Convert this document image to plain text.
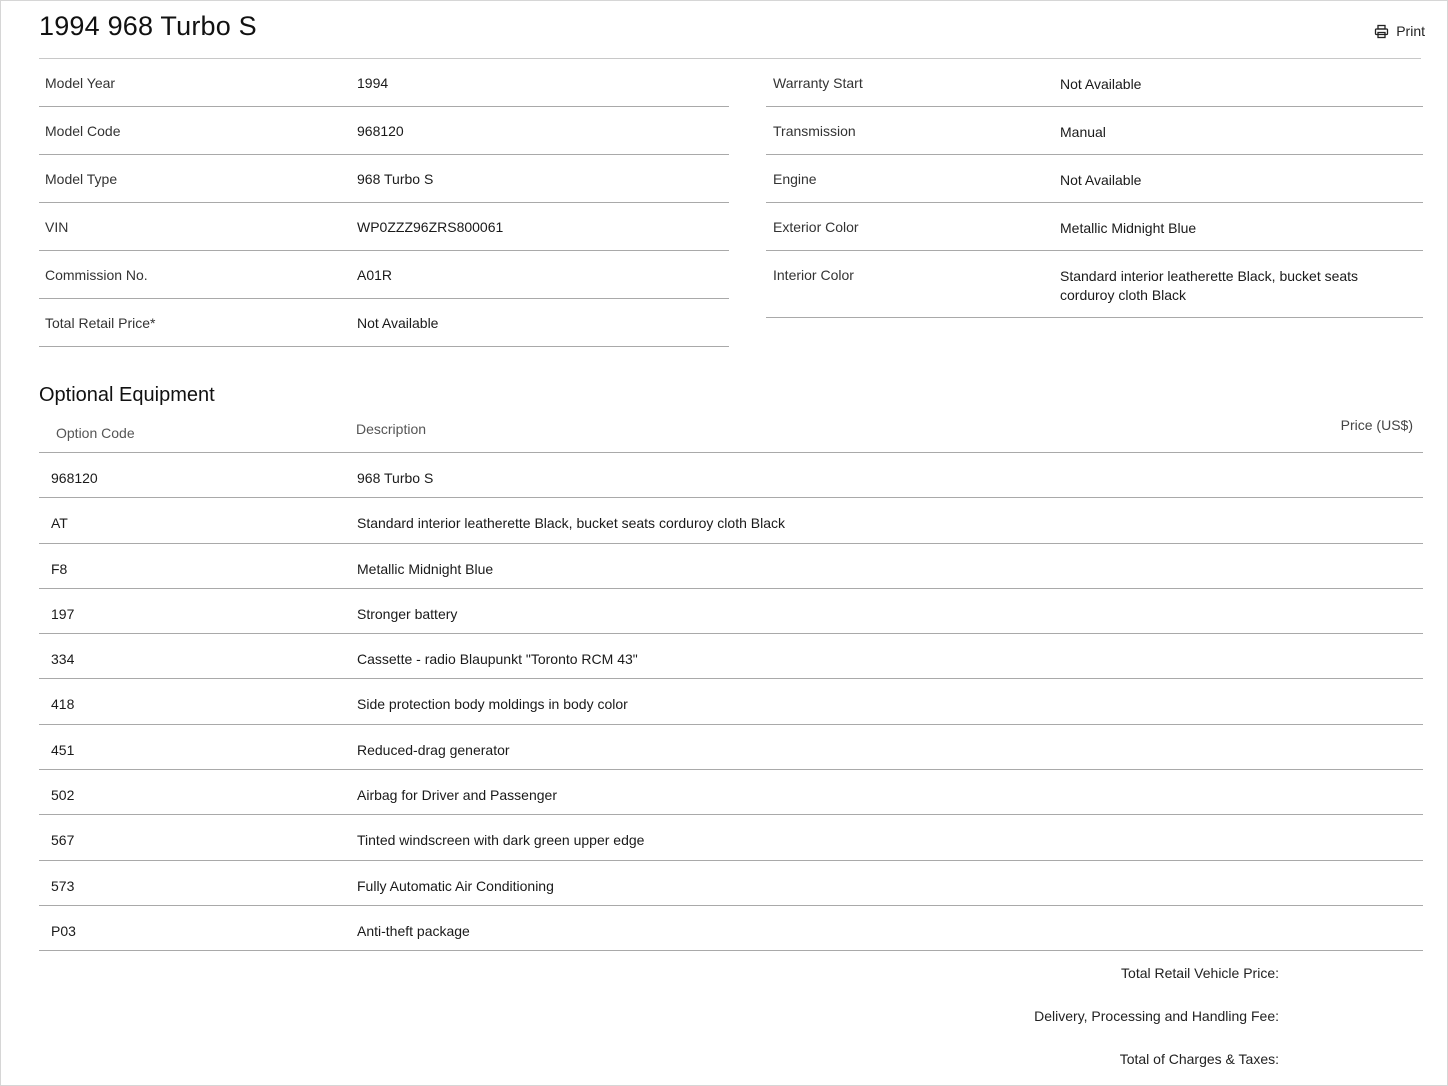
1994 968 Turbo S	Print
Model Year	1994
Model Code	968120
Model Type	968 Turbo S
VIN	WP0ZZZ96ZRS800061
Commission No.	A01R
Total Retail Price*	Not Available
Warranty Start	Not Available
Transmission	Manual
Engine	Not Available
Exterior Color	Metallic Midnight Blue
Interior Color	Standard interior leatherette Black, bucket seats corduroy cloth Black
Optional Equipment
Option Code	Description	Price (US$)
968120	968 Turbo S
AT	Standard interior leatherette Black, bucket seats corduroy cloth Black
F8	Metallic Midnight Blue
197	Stronger battery
334	Cassette - radio Blaupunkt "Toronto RCM 43"
418	Side protection body moldings in body color
451	Reduced-drag generator
502	Airbag for Driver and Passenger
567	Tinted windscreen with dark green upper edge
573	Fully Automatic Air Conditioning
P03	Anti-theft package
Total Retail Vehicle Price:
Delivery, Processing and Handling Fee:
Total of Charges & Taxes:
